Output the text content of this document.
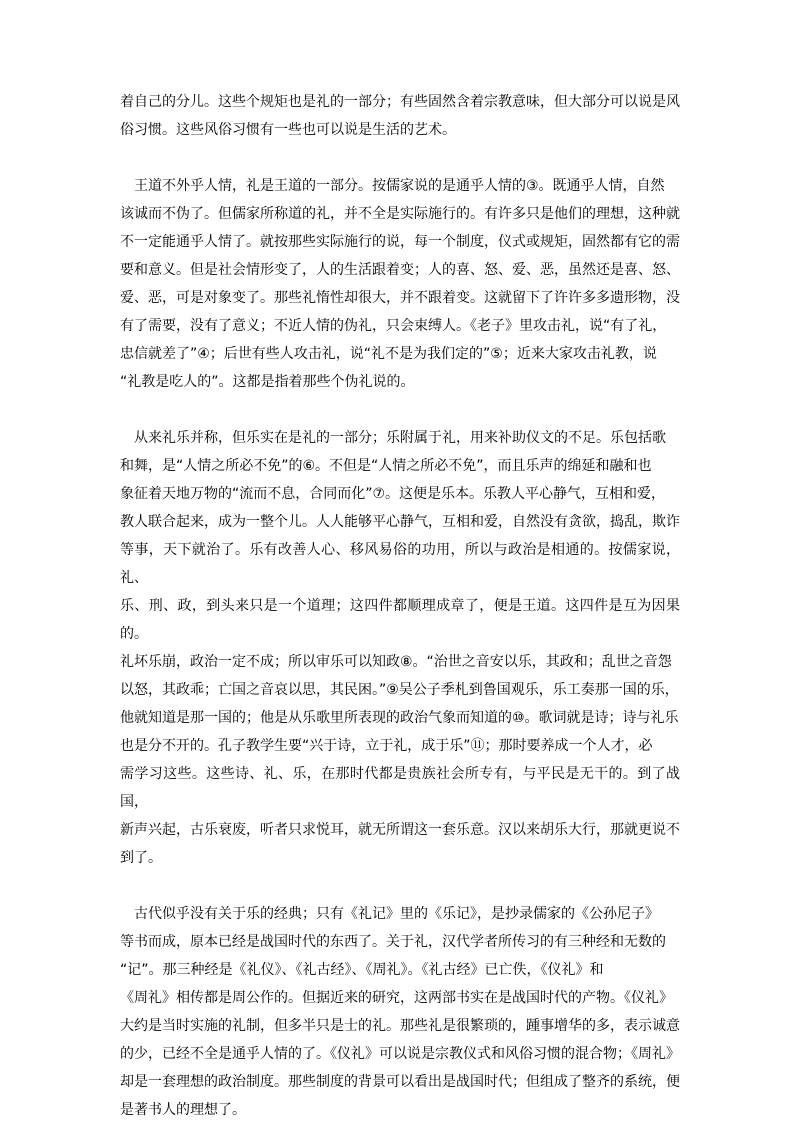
着自己的分儿。这些个规矩也是礼的一部分；有些固然含着宗教意味，但大部分可以说是风
俗习惯。这些风俗习惯有一些也可以说是生活的艺术。
王道不外乎人情，礼是王道的一部分。按儒家说的是通乎人情的③。既通乎人情，自然
该诚而不伪了。但儒家所称道的礼，并不全是实际施行的。有许多只是他们的理想，这种就
不一定能通乎人情了。就按那些实际施行的说，每一个制度，仪式或规矩，固然都有它的需
要和意义。但是社会情形变了，人的生活跟着变；人的喜、怒、爱、恶，虽然还是喜、怒、
爱、恶，可是对象变了。那些礼惰性却很大，并不跟着变。这就留下了许许多多遗形物，没
有了需要，没有了意义；不近人情的伪礼，只会束缚人。《老子》里攻击礼，说“有了礼，
忠信就差了”④；后世有些人攻击礼，说“礼不是为我们定的”⑤；近来大家攻击礼教，说
“礼教是吃人的”。这都是指着那些个伪礼说的。
从来礼乐并称，但乐实在是礼的一部分；乐附属于礼，用来补助仪文的不足。乐包括歌
和舞，是“人情之所必不免”的⑥。不但是“人情之所必不免”，而且乐声的绵延和融和也
象征着天地万物的“流而不息，合同而化”⑦。这便是乐本。乐教人平心静气，互相和爱，
教人联合起来，成为一整个儿。人人能够平心静气，互相和爱，自然没有贪欲，捣乱，欺诈
等事，天下就治了。乐有改善人心、移风易俗的功用，所以与政治是相通的。按儒家说，礼、
乐、刑、政，到头来只是一个道理；这四件都顺理成章了，便是王道。这四件是互为因果的。
礼坏乐崩，政治一定不成；所以审乐可以知政⑧。“治世之音安以乐，其政和；乱世之音怨
以怒，其政乖；亡国之音哀以思，其民困。”⑨吴公子季札到鲁国观乐，乐工奏那一国的乐，
他就知道是那一国的；他是从乐歌里所表现的政治气象而知道的⑩。歌词就是诗；诗与礼乐
也是分不开的。孔子教学生要“兴于诗，立于礼，成于乐”⑪；那时要养成一个人才，必
需学习这些。这些诗、礼、乐，在那时代都是贵族社会所专有，与平民是无干的。到了战国，
新声兴起，古乐衰废，听者只求悦耳，就无所谓这一套乐意。汉以来胡乐大行，那就更说不
到了。
古代似乎没有关于乐的经典；只有《礼记》里的《乐记》，是抄录儒家的《公孙尼子》
等书而成，原本已经是战国时代的东西了。关于礼，汉代学者所传习的有三种经和无数的
“记”。那三种经是《礼仪》、《礼古经》、《周礼》。《礼古经》已亡佚，《仪礼》和
《周礼》相传都是周公作的。但据近来的研究，这两部书实在是战国时代的产物。《仪礼》
大约是当时实施的礼制，但多半只是士的礼。那些礼是很繁琐的，踵事增华的多，表示诚意
的少，已经不全是通乎人情的了。《仪礼》可以说是宗教仪式和风俗习惯的混合物；《周礼》
却是一套理想的政治制度。那些制度的背景可以看出是战国时代；但组成了整齐的系统，便
是著书人的理想了。
